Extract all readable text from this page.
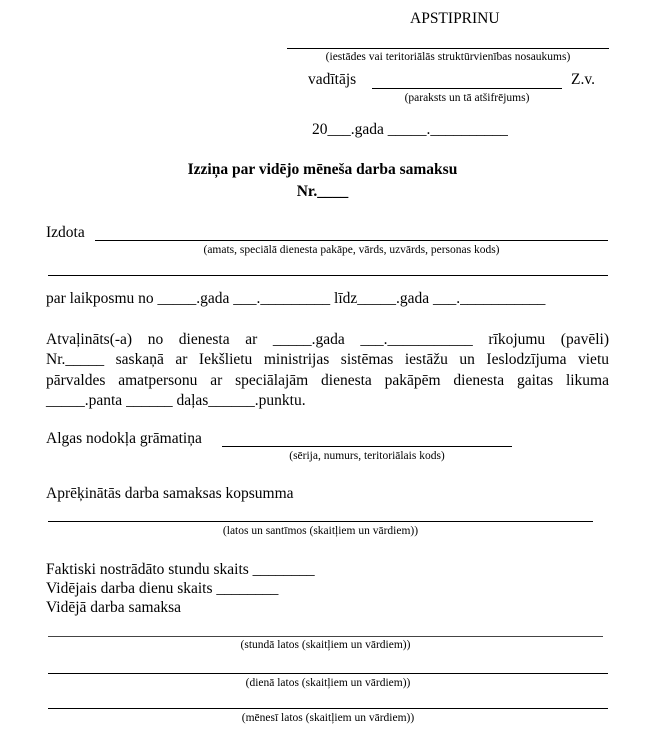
APSTIPRINU
(iestādes vai teritoriālās struktūrvienības nosaukums)
vadītājs	Z.v.
(paraksts un tā atšifrējums)
20___.gada _____.__________
Izziņa par vidējo mēneša darba samaksu
Nr.____
Izdota
(amats, speciālā dienesta pakāpe, vārds, uzvārds, personas kods)
par laikposmu no _____.gada ___._________ līdz_____.gada ___.___________
Atvaļināts(-a) no dienesta ar _____.gada ___.___________ rīkojumu (pavēli)
Nr._____ saskaņā ar Iekšlietu ministrijas sistēmas iestāžu un Ieslodzījuma vietu
pārvaldes amatpersonu ar speciālajām dienesta pakāpēm dienesta gaitas likuma
_____.panta ______ daļas______.punktu.
Algas nodokļa grāmatiņa
(sērija, numurs, teritoriālais kods)
Aprēķinātās darba samaksas kopsumma
(latos un santīmos (skaitļiem un vārdiem))
Faktiski nostrādāto stundu skaits ________
Vidējais darba dienu skaits ________
Vidējā darba samaksa
(stundā latos (skaitļiem un vārdiem))
(dienā latos (skaitļiem un vārdiem))
(mēnesī latos (skaitļiem un vārdiem))
